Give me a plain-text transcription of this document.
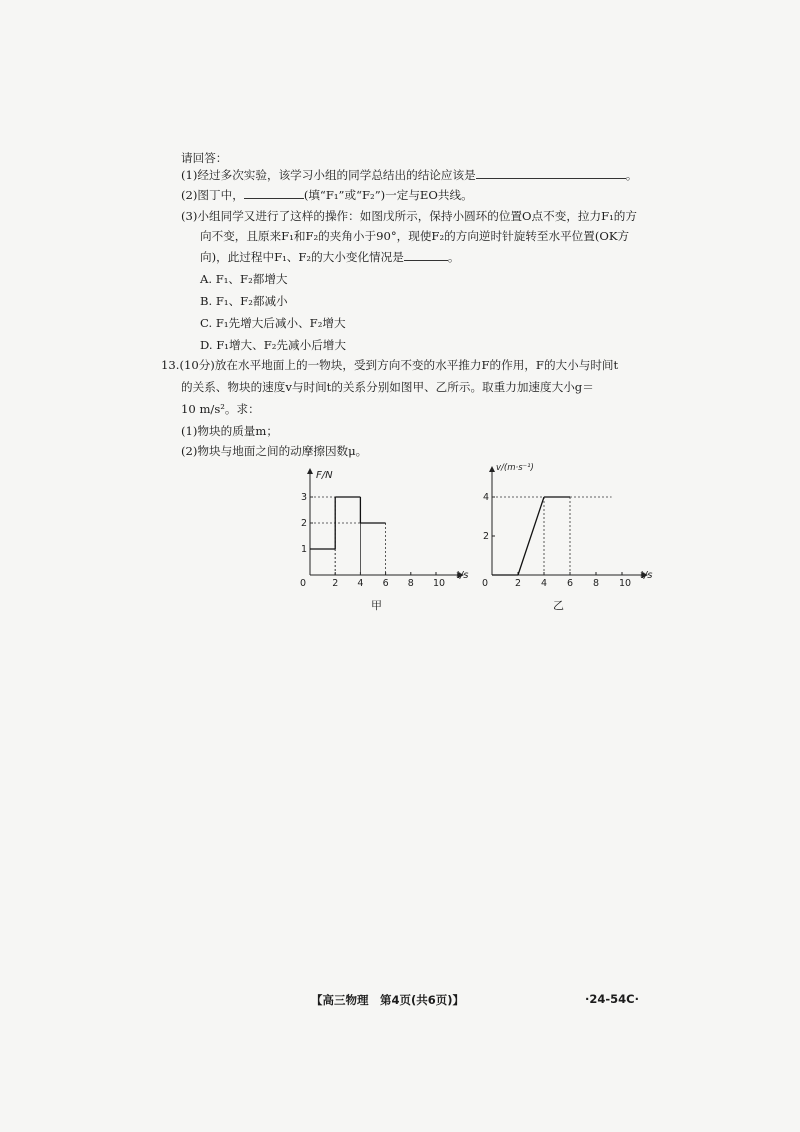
请回答：
(1)经过多次实验，该学习小组的同学总结出的结论应该是	。
(2)图丁中，	(填“F₁”或“F₂”)一定与EO共线。
(3)小组同学又进行了这样的操作：如图戊所示，保持小圆环的位置O点不变，拉力F₁的方
向不变，且原来F₁和F₂的夹角小于90°，现使F₂的方向逆时针旋转至水平位置(OK方
向)，此过程中F₁、F₂的大小变化情况是	。
A. F₁、F₂都增大
B. F₁、F₂都减小
C. F₁先增大后减小、F₂增大
D. F₁增大、F₂先减小后增大
13.(10分)放在水平地面上的一物块，受到方向不变的水平推力F的作用，F的大小与时间t
的关系、物块的速度v与时间t的关系分别如图甲、乙所示。取重力加速度大小g＝
10 m/s²。求：
(1)物块的质量m；
(2)物块与地面之间的动摩擦因数μ。
F/N
t/s
0	2 4 6 8 10
1
2
3
甲
v/(m·s⁻¹)
t/s
0	2 4 6 8 10
2
4
乙
【高三物理　第4页(共6页)】	·24-54C·
